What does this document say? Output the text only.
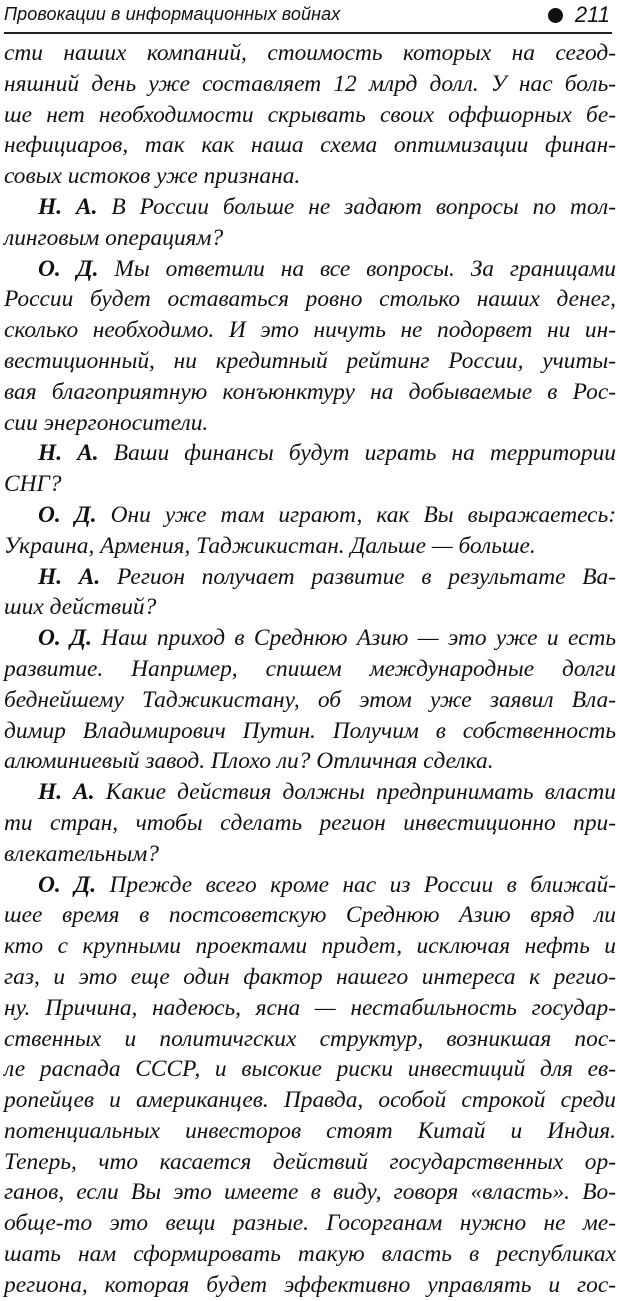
Провокации в информационных войнах	211
сти наших компаний, стоимость которых на сегод-
няшний день уже составляет 12 млрд долл. У нас боль-
ше нет необходимости скрывать своих оффшорных бе-
нефициаров, так как наша схема оптимизации финан-
совых истоков уже признана.
Н. А. В России больше не задают вопросы по тол-
линговым операциям?
О. Д. Мы ответили на все вопросы. За границами
России будет оставаться ровно столько наших денег,
сколько необходимо. И это ничуть не подорвет ни ин-
вестиционный, ни кредитный рейтинг России, учиты-
вая благоприятную конъюнктуру на добываемые в Рос-
сии энергоносители.
Н. А. Ваши финансы будут играть на территории
СНГ?
О. Д. Они уже там играют, как Вы выражаетесь:
Украина, Армения, Таджикистан. Дальше — больше.
Н. А. Регион получает развитие в результате Ва-
ших действий?
О. Д. Наш приход в Среднюю Азию — это уже и есть
развитие. Например, спишем международные долги
беднейшему Таджикистану, об этом уже заявил Вла-
димир Владимирович Путин. Получим в собственность
алюминиевый завод. Плохо ли? Отличная сделка.
Н. А. Какие действия должны предпринимать власти
ти стран, чтобы сделать регион инвестиционно при-
влекательным?
О. Д. Прежде всего кроме нас из России в ближай-
шее время в постсоветскую Среднюю Азию вряд ли
кто с крупными проектами придет, исключая нефть и
газ, и это еще один фактор нашего интереса к регио-
ну. Причина, надеюсь, ясна — нестабильность государ-
ственных и политичгских структур, возникшая пос-
ле распада СССР, и высокие риски инвестиций для ев-
ропейцев и американцев. Правда, особой строкой среди
потенциальных инвесторов стоят Китай и Индия.
Теперь, что касается действий государственных ор-
ганов, если Вы это имеете в виду, говоря «власть». Во-
обще-то это вещи разные. Госорганам нужно не ме-
шать нам сформировать такую власть в республиках
региона, которая будет эффективно управлять и гос-
